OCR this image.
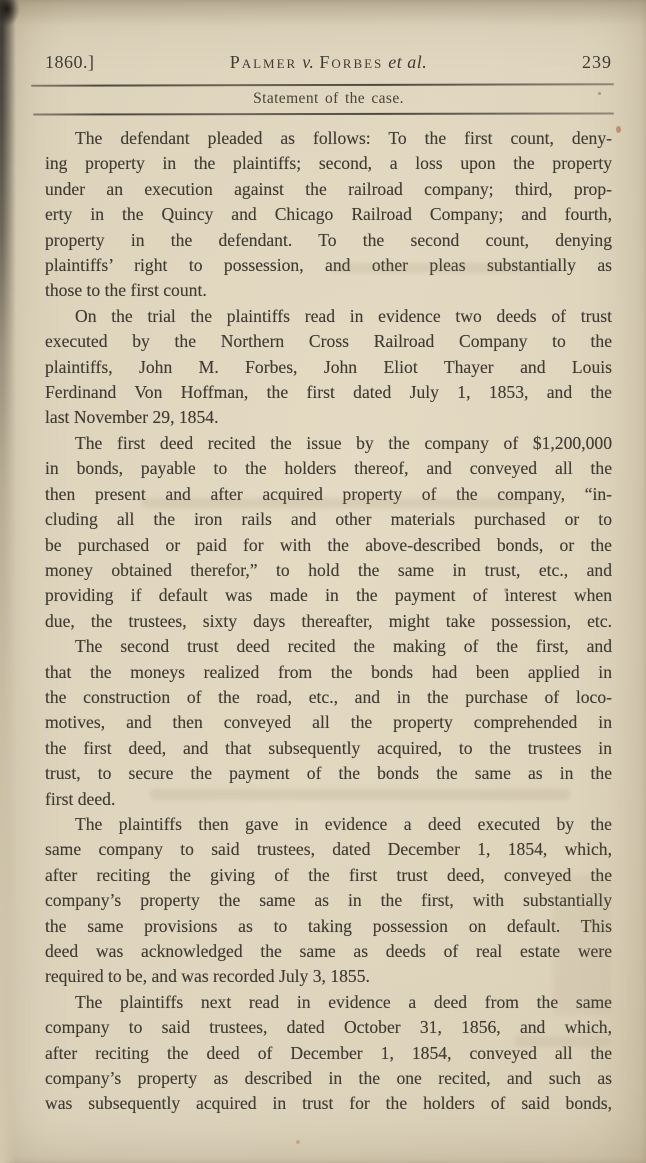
1860.]	Palmer v. Forbes et al.	239
Statement of the case.

The defendant pleaded as follows: To the first count, deny-
ing property in the plaintiffs; second, a loss upon the property
under an execution against the railroad company; third, prop-
erty in the Quincy and Chicago Railroad Company; and fourth,
property in the defendant. To the second count, denying
plaintiffs’ right to possession, and other pleas substantially as
those to the first count.

On the trial the plaintiffs read in evidence two deeds of trust
executed by the Northern Cross Railroad Company to the
plaintiffs, John M. Forbes, John Eliot Thayer and Louis
Ferdinand Von Hoffman, the first dated July 1, 1853, and the
last November 29, 1854.

The first deed recited the issue by the company of $1,200,000
in bonds, payable to the holders thereof, and conveyed all the
then present and after acquired property of the company, “in-
cluding all the iron rails and other materials purchased or to
be purchased or paid for with the above-described bonds, or the
money obtained therefor,” to hold the same in trust, etc., and
providing if default was made in the payment of interest when
due, the trustees, sixty days thereafter, might take possession, etc.

The second trust deed recited the making of the first, and
that the moneys realized from the bonds had been applied in
the construction of the road, etc., and in the purchase of loco-
motives, and then conveyed all the property comprehended in
the first deed, and that subsequently acquired, to the trustees in
trust, to secure the payment of the bonds the same as in the
first deed.

The plaintiffs then gave in evidence a deed executed by the
same company to said trustees, dated December 1, 1854, which,
after reciting the giving of the first trust deed, conveyed the
company’s property the same as in the first, with substantially
the same provisions as to taking possession on default. This
deed was acknowledged the same as deeds of real estate were
required to be, and was recorded July 3, 1855.

The plaintiffs next read in evidence a deed from the same
company to said trustees, dated October 31, 1856, and which,
after reciting the deed of December 1, 1854, conveyed all the
company’s property as described in the one recited, and such as
was subsequently acquired in trust for the holders of said bonds,
